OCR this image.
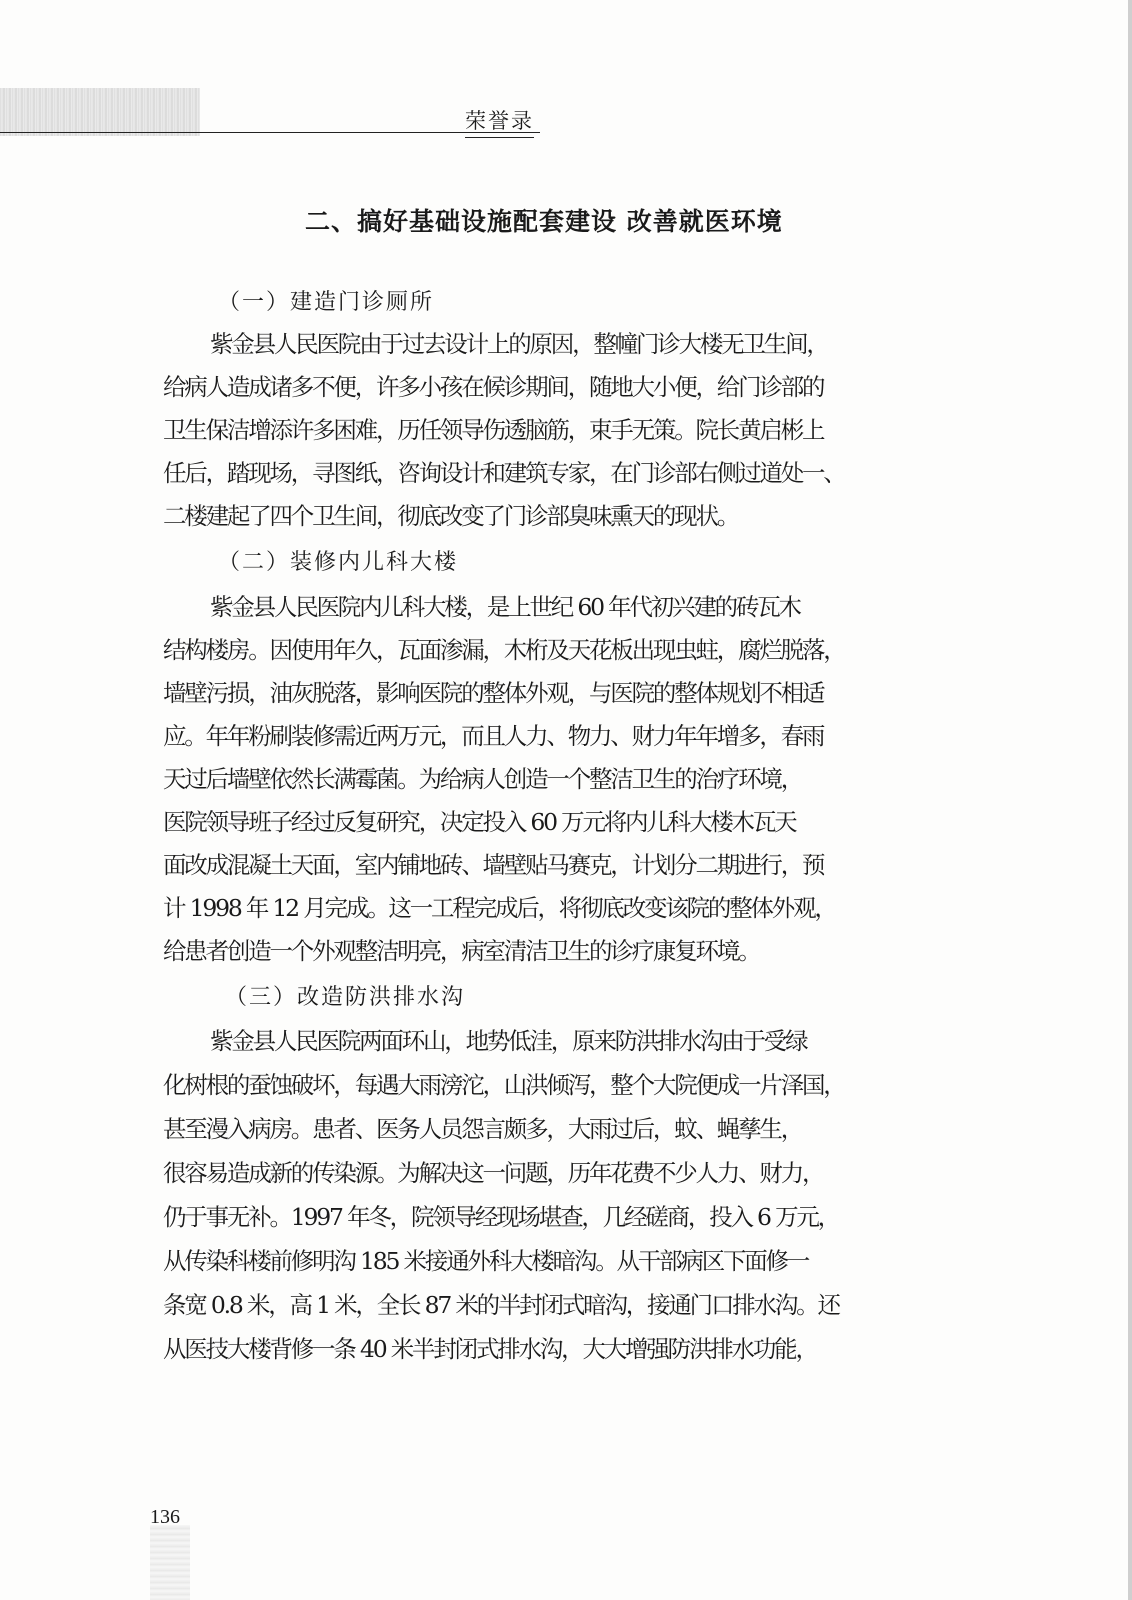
荣誉录
二、搞好基础设施配套建设 改善就医环境
（一）建造门诊厕所
紫金县人民医院由于过去设计上的原因，整幢门诊大楼无卫生间，
给病人造成诸多不便，许多小孩在候诊期间，随地大小便，给门诊部的
卫生保洁增添许多困难，历任领导伤透脑筋，束手无策。院长黄启彬上
任后，踏现场，寻图纸，咨询设计和建筑专家，在门诊部右侧过道处一、
二楼建起了四个卫生间，彻底改变了门诊部臭味熏天的现状。
（二）装修内儿科大楼
紫金县人民医院内儿科大楼，是上世纪 60 年代初兴建的砖瓦木
结构楼房。因使用年久，瓦面渗漏，木桁及天花板出现虫蛀，腐烂脱落，
墙壁污损，油灰脱落，影响医院的整体外观，与医院的整体规划不相适
应。年年粉刷装修需近两万元，而且人力、物力、财力年年增多，春雨
天过后墙壁依然长满霉菌。为给病人创造一个整洁卫生的治疗环境，
医院领导班子经过反复研究，决定投入 60 万元将内儿科大楼木瓦天
面改成混凝土天面，室内铺地砖、墙壁贴马赛克，计划分二期进行，预
计 1998 年 12 月完成。这一工程完成后，将彻底改变该院的整体外观，
给患者创造一个外观整洁明亮，病室清洁卫生的诊疗康复环境。
（三）改造防洪排水沟
紫金县人民医院两面环山，地势低洼，原来防洪排水沟由于受绿
化树根的蚕蚀破坏，每遇大雨滂沱，山洪倾泻，整个大院便成一片泽国，
甚至漫入病房。患者、医务人员怨言颇多，大雨过后，蚊、蝇孳生，
很容易造成新的传染源。为解决这一问题，历年花费不少人力、财力，
仍于事无补。1997 年冬，院领导经现场堪查，几经磋商，投入 6 万元，
从传染科楼前修明沟 185 米接通外科大楼暗沟。从干部病区下面修一
条宽 0.8 米，高 1 米，全长 87 米的半封闭式暗沟，接通门口排水沟。还
从医技大楼背修一条 40 米半封闭式排水沟，大大增强防洪排水功能，
136
